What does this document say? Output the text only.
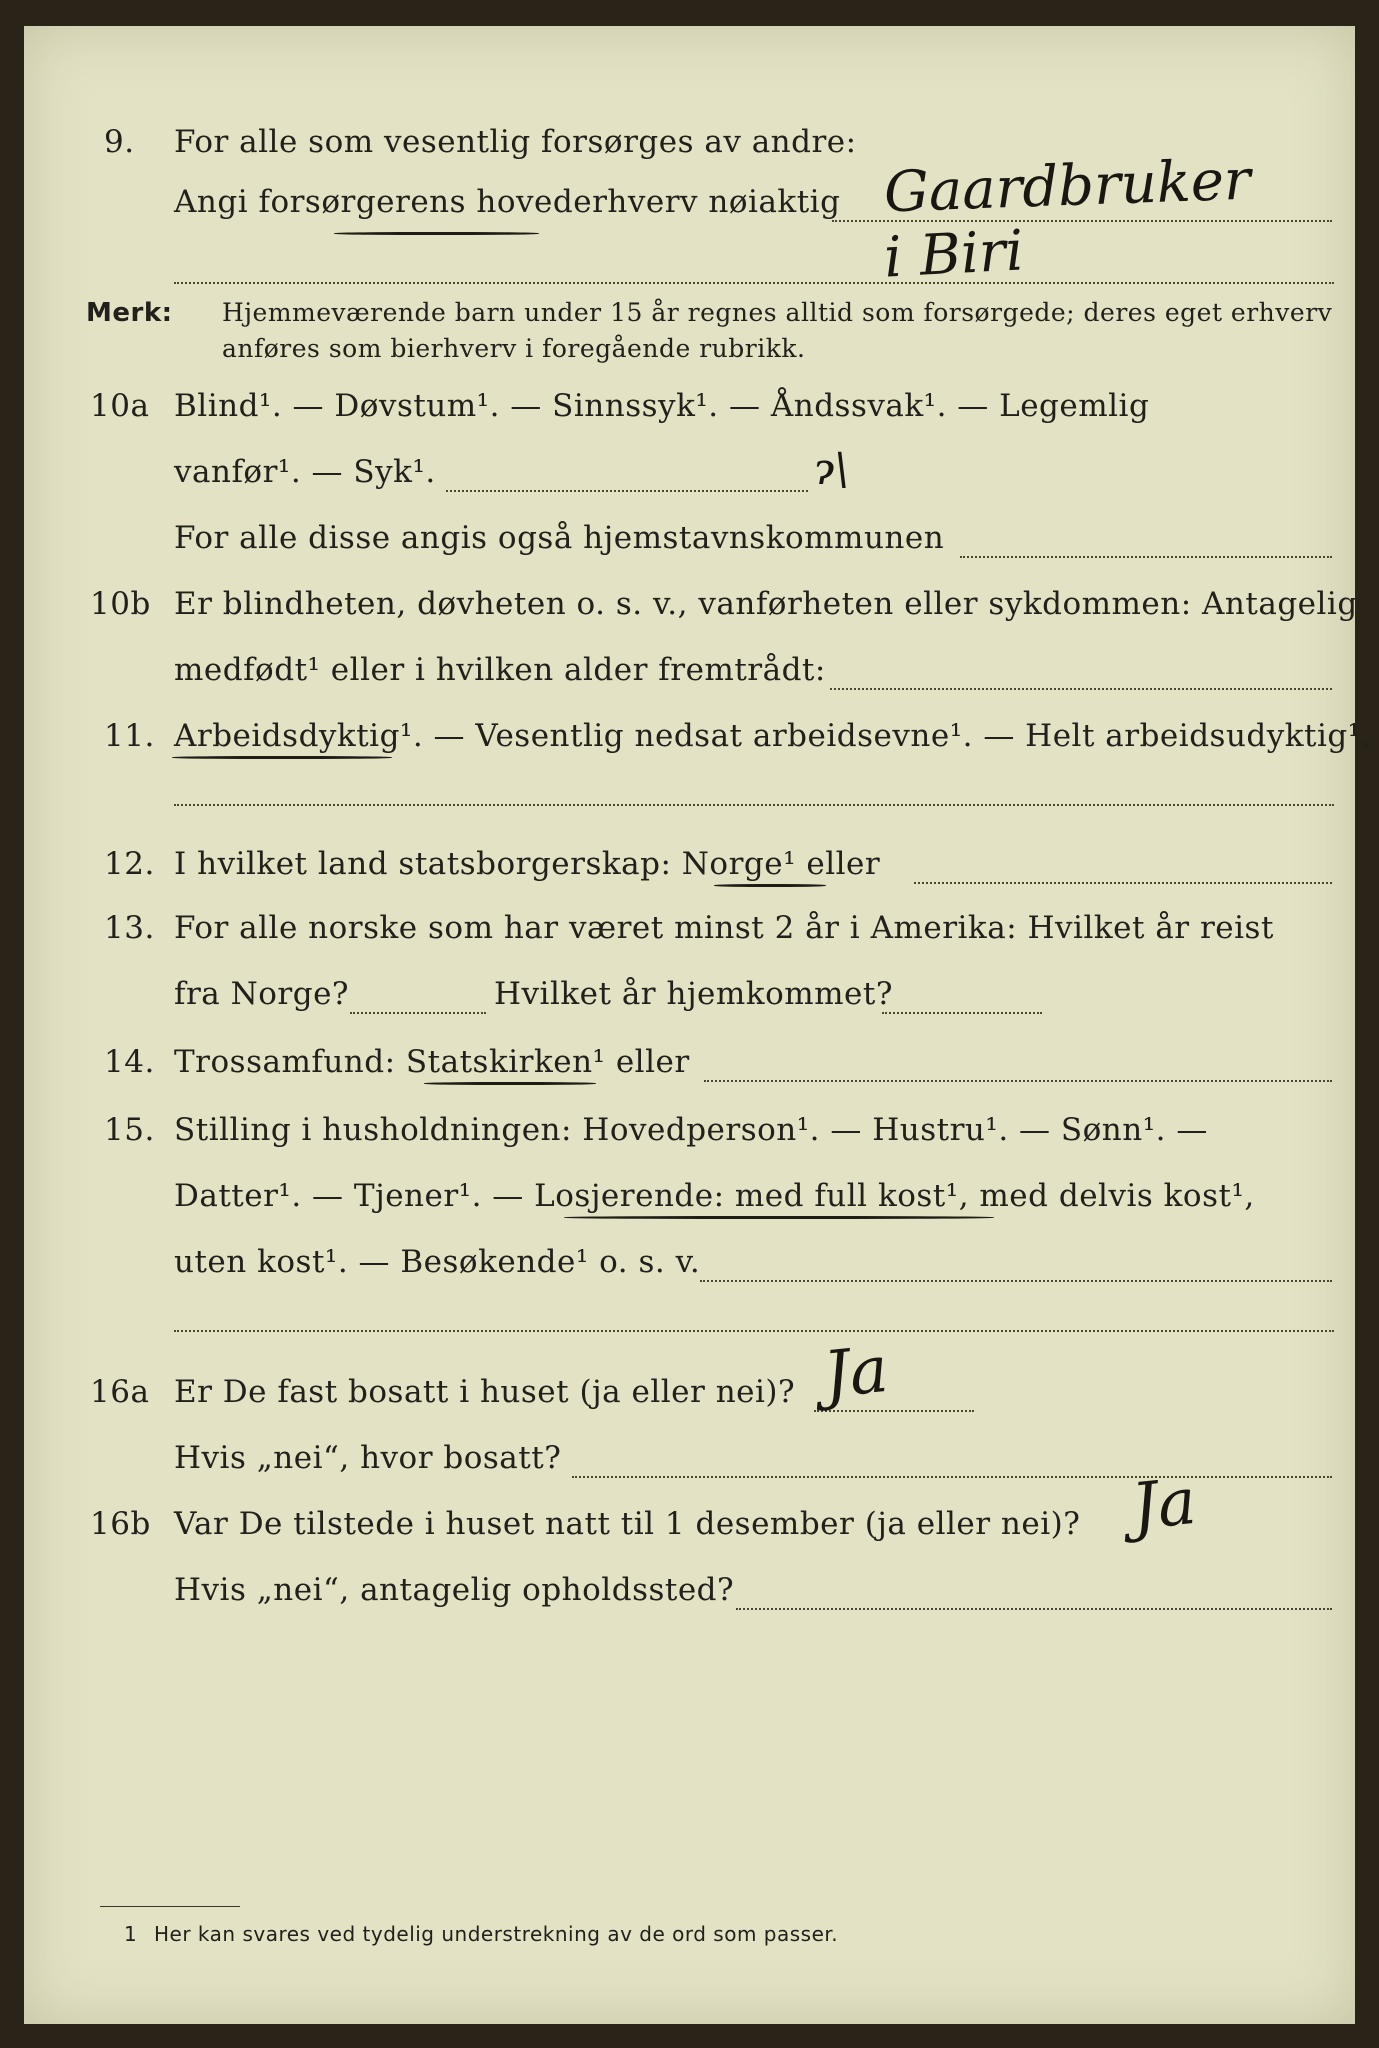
9. For alle som vesentlig forsørges av andre:
Angi forsørgerens hovederhverv nøiaktig Gaardbruker
i Biri
Merk: Hjemmeværende barn under 15 år regnes alltid som forsørgede; deres eget erhverv
anføres som bierhverv i foregående rubrikk.
10a Blind¹. — Døvstum¹. — Sinnssyk¹. — Åndssvak¹. — Legemlig
vanfør¹. — Syk¹.	ɂ\
For alle disse angis også hjemstavnskommunen
10b Er blindheten, døvheten o. s. v., vanførheten eller sykdommen: Antagelig
medfødt¹ eller i hvilken alder fremtrådt:
11. Arbeidsdyktig¹. — Vesentlig nedsat arbeidsevne¹. — Helt arbeidsudyktig¹.
12. I hvilket land statsborgerskap: Norge¹ eller
13. For alle norske som har været minst 2 år i Amerika: Hvilket år reist
fra Norge?	Hvilket år hjemkommet?
14. Trossamfund: Statskirken¹ eller
15. Stilling i husholdningen: Hovedperson¹. — Hustru¹. — Sønn¹. —
Datter¹. — Tjener¹. — Losjerende: med full kost¹, med delvis kost¹,
uten kost¹. — Besøkende¹ o. s. v.
16a Er De fast bosatt i huset (ja eller nei)? Ja
Hvis „nei“, hvor bosatt?
16b Var De tilstede i huset natt til 1 desember (ja eller nei)? Ja
Hvis „nei“, antagelig opholdssted?
1 Her kan svares ved tydelig understrekning av de ord som passer.
